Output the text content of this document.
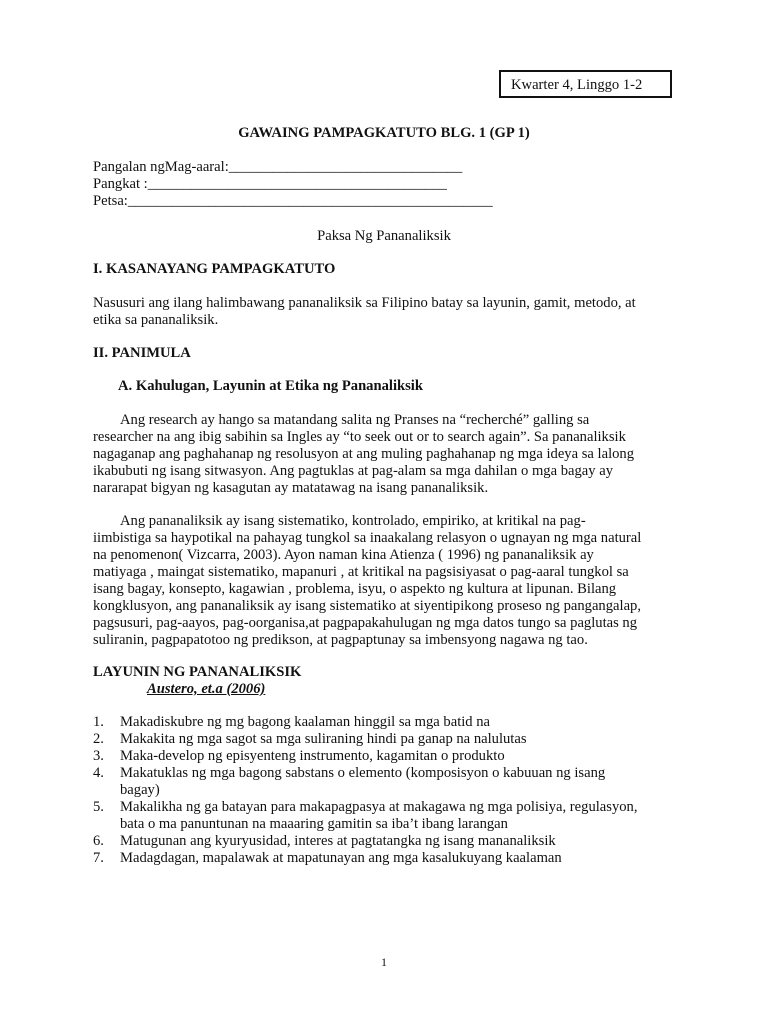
Kwarter 4, Linggo 1-2
GAWAING PAMPAGKATUTO BLG. 1 (GP 1)
Pangalan ngMag-aaral:________________________________
Pangkat :_________________________________________
Petsa:__________________________________________________
Paksa Ng Pananaliksik
I. KASANAYANG PAMPAGKATUTO
Nasusuri ang ilang halimbawang pananaliksik sa Filipino batay sa layunin, gamit, metodo, at
etika sa pananaliksik.
II. PANIMULA
A. Kahulugan, Layunin at Etika ng Pananaliksik
Ang research ay hango sa matandang salita ng Pranses na “recherché” galling sa
researcher na ang ibig sabihin sa Ingles ay “to seek out or to search again”. Sa pananaliksik
nagaganap ang paghahanap ng resolusyon at ang muling paghahanap ng mga ideya sa lalong
ikabubuti ng isang sitwasyon. Ang pagtuklas at pag-alam sa mga dahilan o mga bagay ay
nararapat bigyan ng kasagutan ay matatawag na isang pananaliksik.
Ang pananaliksik ay isang sistematiko, kontrolado, empiriko, at kritikal na pag-
iimbistiga sa haypotikal na pahayag tungkol sa inaakalang relasyon o ugnayan ng mga natural
na penomenon( Vizcarra, 2003). Ayon naman kina Atienza ( 1996) ng pananaliksik ay
matiyaga , maingat sistematiko, mapanuri , at kritikal na pagsisiyasat o pag-aaral tungkol sa
isang bagay, konsepto, kagawian , problema, isyu, o aspekto ng kultura at lipunan. Bilang
kongklusyon, ang pananaliksik ay isang sistematiko at siyentipikong proseso ng pangangalap,
pagsusuri, pag-aayos, pag-oorganisa,at pagpapakahulugan ng mga datos tungo sa paglutas ng
suliranin, pagpapatotoo ng predikson, at pagpaptunay sa imbensyong nagawa ng tao.
LAYUNIN NG PANANALIKSIK
Austero, et.a (2006)
1.	Makadiskubre ng mg bagong kaalaman hinggil sa mga batid na
2.	Makakita ng mga sagot sa mga suliraning hindi pa ganap na nalulutas
3.	Maka-develop ng episyenteng instrumento, kagamitan o produkto
4.	Makatuklas ng mga bagong sabstans o elemento (komposisyon o kabuuan ng isang
bagay)
5.	Makalikha ng ga batayan para makapagpasya at makagawa ng mga polisiya, regulasyon,
bata o ma panuntunan na maaaring gamitin sa iba’t ibang larangan
6.	Matugunan ang kyuryusidad, interes at pagtatangka ng isang mananaliksik
7.	Madagdagan, mapalawak at mapatunayan ang mga kasalukuyang kaalaman
1
